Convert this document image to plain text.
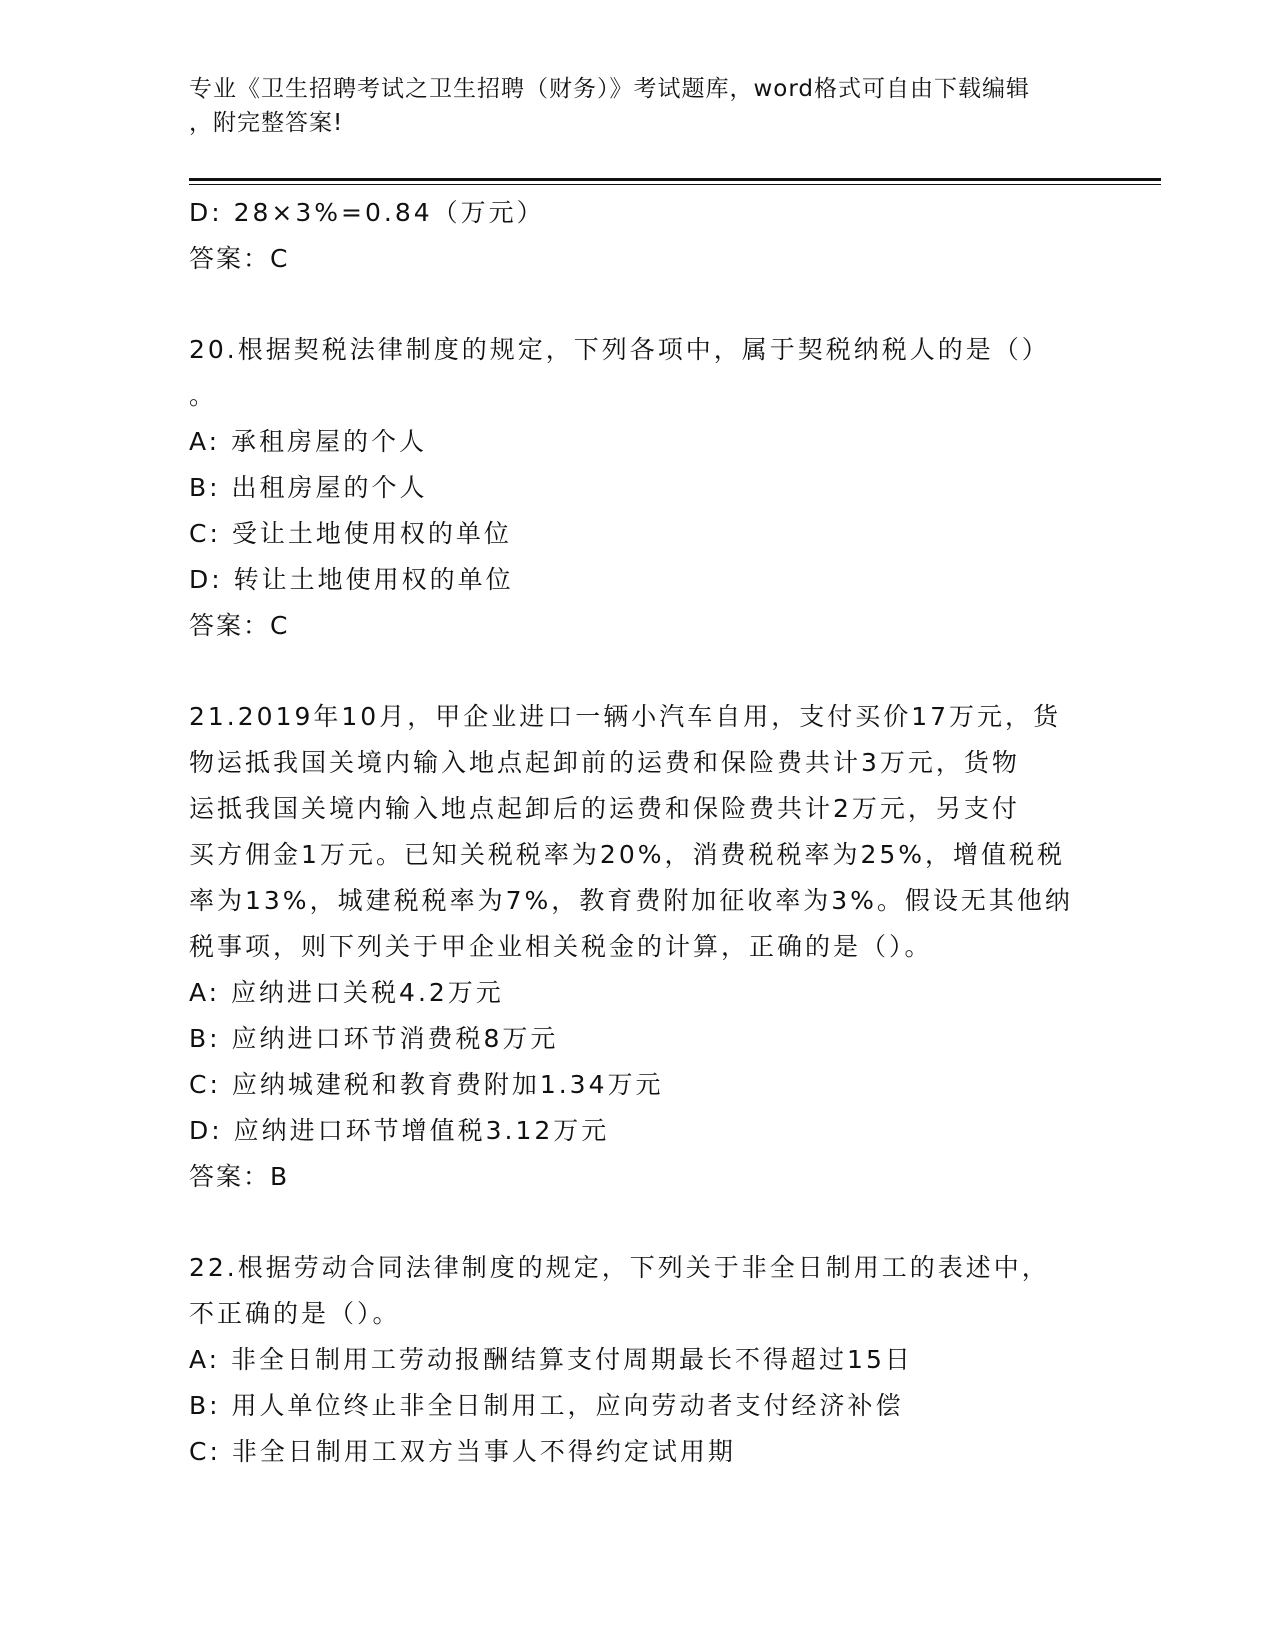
专业《卫生招聘考试之卫生招聘（财务）》考试题库，word格式可自由下载编辑
，附完整答案!
D: 28×3%=0.84（万元）
答案：C
20.根据契税法律制度的规定，下列各项中，属于契税纳税人的是（）
。
A: 承租房屋的个人
B: 出租房屋的个人
C: 受让土地使用权的单位
D: 转让土地使用权的单位
答案：C
21.2019年10月，甲企业进口一辆小汽车自用，支付买价17万元，货
物运抵我国关境内输入地点起卸前的运费和保险费共计3万元，货物
运抵我国关境内输入地点起卸后的运费和保险费共计2万元，另支付
买方佣金1万元。已知关税税率为20%，消费税税率为25%，增值税税
率为13%，城建税税率为7%，教育费附加征收率为3%。假设无其他纳
税事项，则下列关于甲企业相关税金的计算，正确的是（）。
A: 应纳进口关税4.2万元
B: 应纳进口环节消费税8万元
C: 应纳城建税和教育费附加1.34万元
D: 应纳进口环节增值税3.12万元
答案：B
22.根据劳动合同法律制度的规定，下列关于非全日制用工的表述中，
不正确的是（）。
A: 非全日制用工劳动报酬结算支付周期最长不得超过15日
B: 用人单位终止非全日制用工，应向劳动者支付经济补偿
C: 非全日制用工双方当事人不得约定试用期
